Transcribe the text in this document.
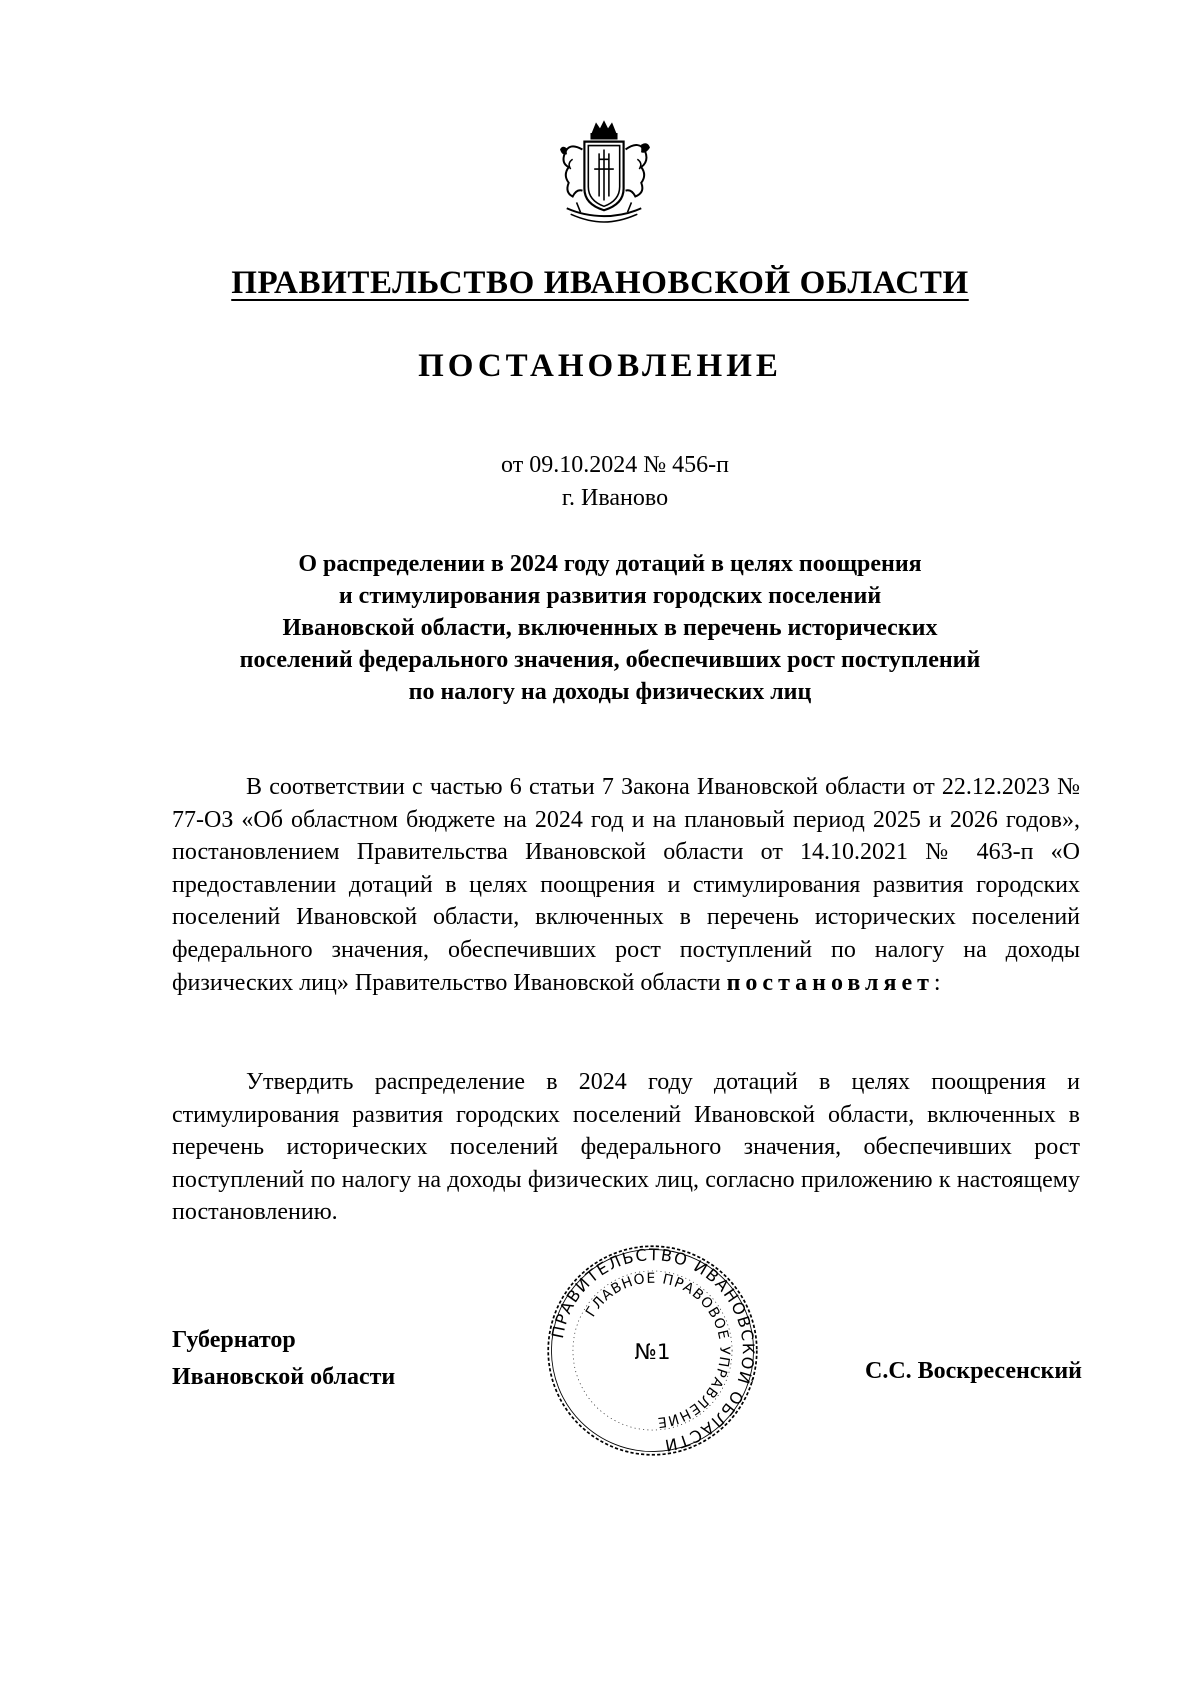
ПРАВИТЕЛЬСТВО ИВАНОВСКОЙ ОБЛАСТИ
ПОСТАНОВЛЕНИЕ
от 09.10.2024 № 456-п
г. Иваново
О распределении в 2024 году дотаций в целях поощрения
и стимулирования развития городских поселений
Ивановской области, включенных в перечень исторических
поселений федерального значения, обеспечивших рост поступлений
по налогу на доходы физических лиц
В соответствии с частью 6 статьи 7 Закона Ивановской области от 22.12.2023 № 77-ОЗ «Об областном бюджете на 2024 год и на плановый период 2025 и 2026 годов», постановлением Правительства Ивановской области от 14.10.2021 № 463-п «О предоставлении дотаций в целях поощрения и стимулирования развития городских поселений Ивановской области, включенных в перечень исторических поселений федерального значения, обеспечивших рост поступлений по налогу на доходы физических лиц» Правительство Ивановской области постановляет:
Утвердить распределение в 2024 году дотаций в целях поощрения и стимулирования развития городских поселений Ивановской области, включенных в перечень исторических поселений федерального значения, обеспечивших рост поступлений по налогу на доходы физических лиц, согласно приложению к настоящему постановлению.
Губернатор
Ивановской области	С.С. Воскресенский
ПРАВИТЕЛЬСТВО ИВАНОВСКОЙ ОБЛАСТИ
ГЛАВНОЕ ПРАВОВОЕ УПРАВЛЕНИЕ
№1
